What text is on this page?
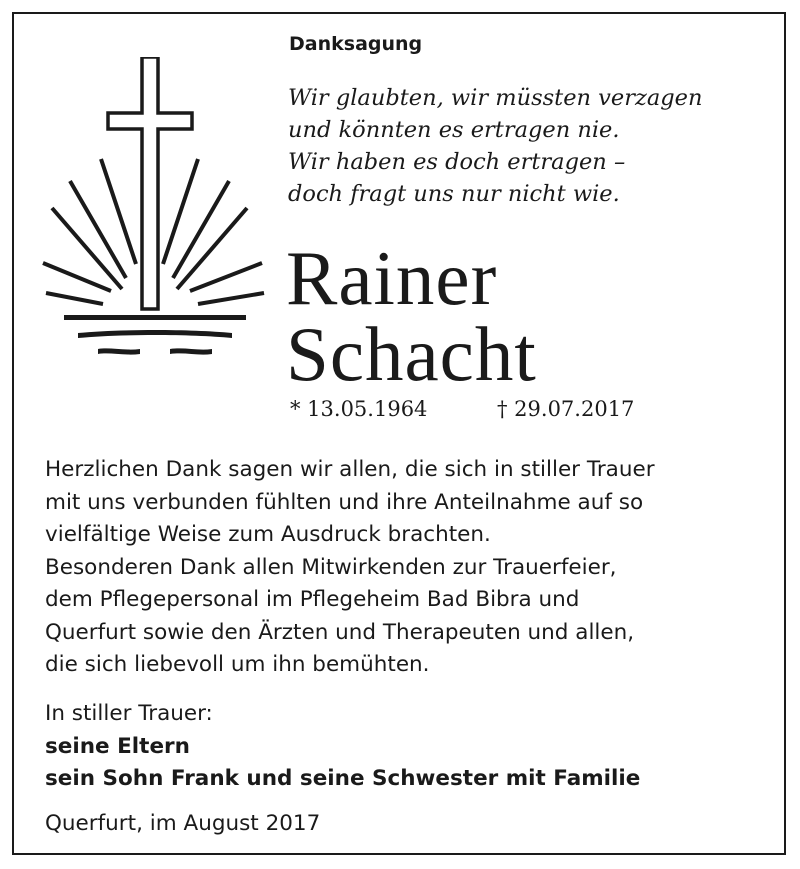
Danksagung
Wir glaubten, wir müssten verzagen
und könnten es ertragen nie.
Wir haben es doch ertragen –
doch fragt uns nur nicht wie.
Rainer
Schacht
* 13.05.1964	† 29.07.2017
Herzlichen Dank sagen wir allen, die sich in stiller Trauer
mit uns verbunden fühlten und ihre Anteilnahme auf so
vielfältige Weise zum Ausdruck brachten.
Besonderen Dank allen Mitwirkenden zur Trauerfeier,
dem Pflegepersonal im Pflegeheim Bad Bibra und
Querfurt sowie den Ärzten und Therapeuten und allen,
die sich liebevoll um ihn bemühten.
In stiller Trauer:
seine Eltern
sein Sohn Frank und seine Schwester mit Familie
Querfurt, im August 2017
